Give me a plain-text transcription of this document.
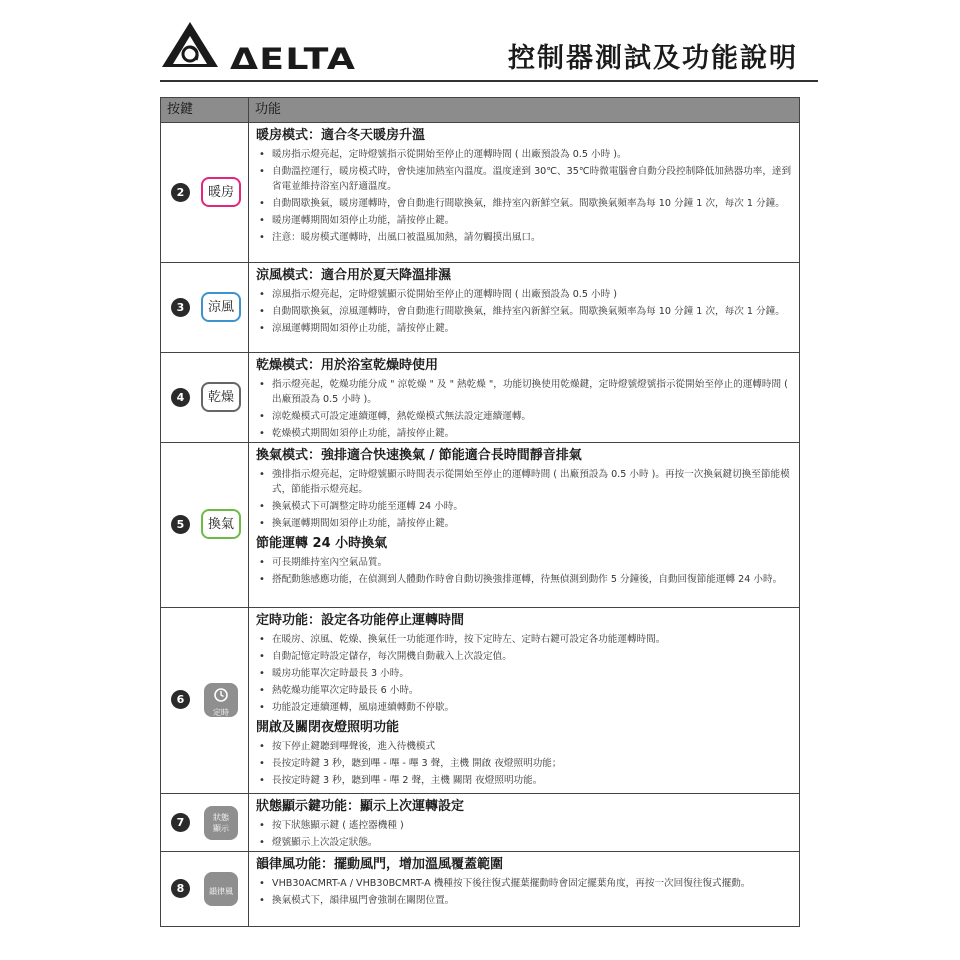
ΔELTA	控制器測試及功能說明
按鍵	功能
2	暖房
暖房模式：適合冬天暖房升溫
• 暖房指示燈亮起，定時燈號指示從開始至停止的運轉時間 ( 出廠預設為 0.5 小時 )。
• 自動溫控運行，暖房模式時，會快速加熱室內溫度。溫度達到 30℃、35℃時微電腦會自動分段控制降低加熱器功率，達到省電並維持浴室內舒適溫度。
• 自動間歇換氣，暖房運轉時，會自動進行間歇換氣，維持室內新鮮空氣。間歇換氣頻率為每 10 分鐘 1 次，每次 1 分鐘。
• 暖房運轉期間如須停止功能，請按停止鍵。
• 注意：暖房模式運轉時，出風口被溫風加熱，請勿觸摸出風口。
3	涼風
涼風模式：適合用於夏天降溫排濕
• 涼風指示燈亮起，定時燈號顯示從開始至停止的運轉時間 ( 出廠預設為 0.5 小時 )
• 自動間歇換氣，涼風運轉時，會自動進行間歇換氣，維持室內新鮮空氣。間歇換氣頻率為每 10 分鐘 1 次，每次 1 分鐘。
• 涼風運轉期間如須停止功能，請按停止鍵。
4	乾燥
乾燥模式：用於浴室乾燥時使用
• 指示燈亮起，乾燥功能分成 " 涼乾燥 " 及 " 熱乾燥 "，功能切換使用乾燥鍵，定時燈號燈號指示從開始至停止的運轉時間 ( 出廠預設為 0.5 小時 )。
• 涼乾燥模式可設定連續運轉，熱乾燥模式無法設定連續運轉。
• 乾燥模式期間如須停止功能，請按停止鍵。
5	換氣
換氣模式：強排適合快速換氣 / 節能適合長時間靜音排氣
• 強排指示燈亮起，定時燈號顯示時間表示從開始至停止的運轉時間 ( 出廠預設為 0.5 小時 )。再按一次換氣鍵切換至節能模式，節能指示燈亮起。
• 換氣模式下可調整定時功能至運轉 24 小時。
• 換氣運轉期間如須停止功能，請按停止鍵。
節能運轉 24 小時換氣
• 可長期維持室內空氣品質。
• 搭配動態感應功能，在偵測到人體動作時會自動切換強排運轉，待無偵測到動作 5 分鐘後，自動回復節能運轉 24 小時。
6
定時
定時功能：設定各功能停止運轉時間
• 在暖房、涼風、乾燥、換氣任一功能運作時，按下定時左、定時右鍵可設定各功能運轉時間。
• 自動記憶定時設定儲存，每次開機自動載入上次設定值。
• 暖房功能單次定時最長 3 小時。
• 熱乾燥功能單次定時最長 6 小時。
• 功能設定連續運轉，風扇連續轉動不停歇。
開啟及關閉夜燈照明功能
• 按下停止鍵聽到嗶聲後，進入待機模式
• 長按定時鍵 3 秒，聽到嗶 - 嗶 - 嗶 3 聲，主機 開啟 夜燈照明功能；
• 長按定時鍵 3 秒，聽到嗶 - 嗶 2 聲，主機 關閉 夜燈照明功能。
7	狀態
顯示
狀態顯示鍵功能：顯示上次運轉設定
• 按下狀態顯示鍵 ( 遙控器機種 )
• 燈號顯示上次設定狀態。
8	韻律風
韻律風功能：擺動風門，增加溫風覆蓋範圍
• VHB30ACMRT-A / VHB30BCMRT-A 機種按下後往復式擺葉擺動時會固定擺葉角度，再按一次回復往復式擺動。
• 換氣模式下，韻律風門會強制在關閉位置。
